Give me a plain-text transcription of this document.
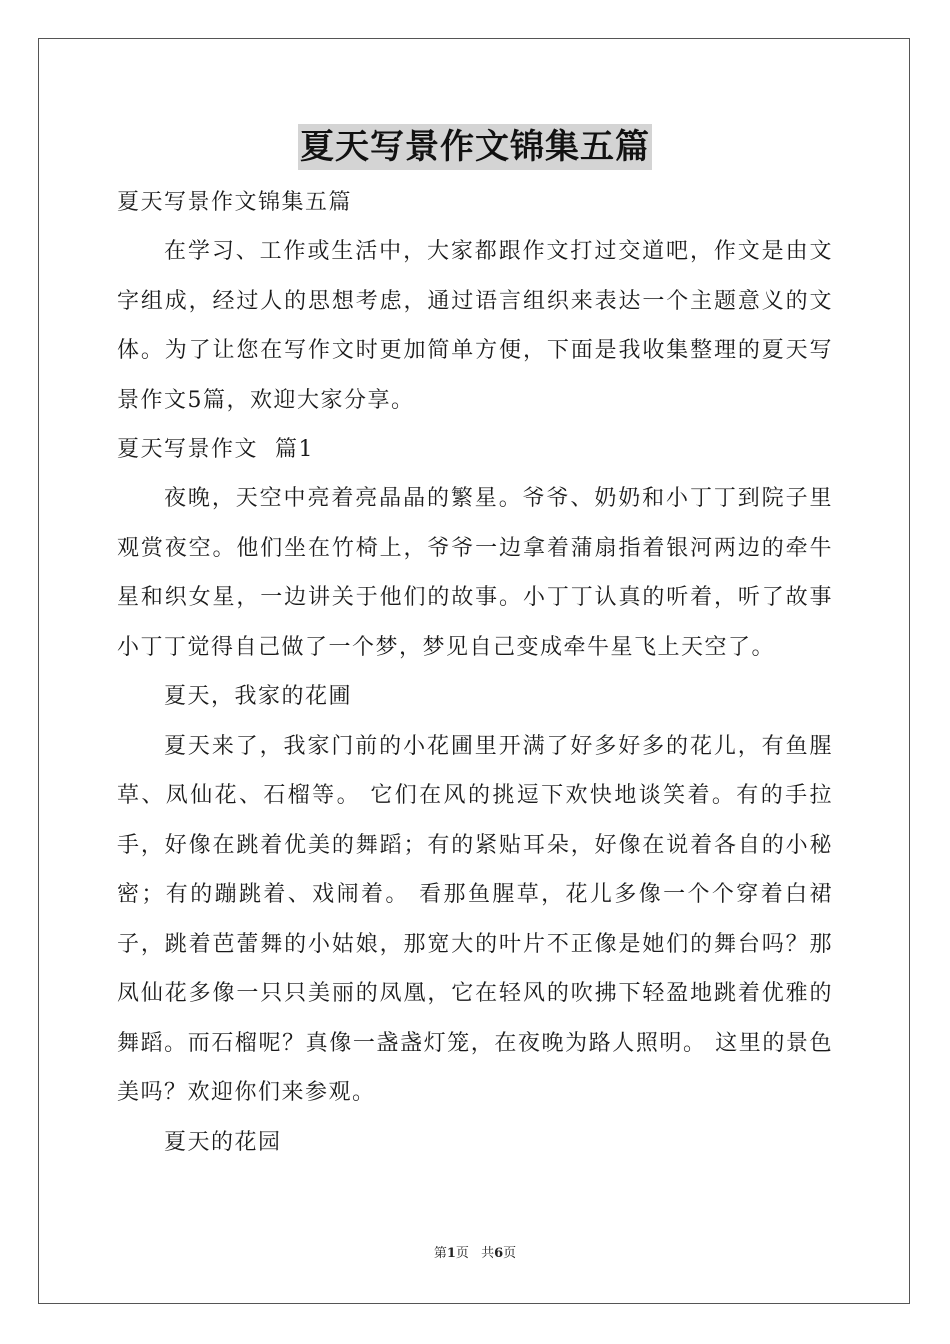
夏天写景作文锦集五篇

夏天写景作文锦集五篇

在学习、工作或生活中，大家都跟作文打过交道吧，作文是由文字组成，经过人的思想考虑，通过语言组织来表达一个主题意义的文体。为了让您在写作文时更加简单方便，下面是我收集整理的夏天写景作文5篇，欢迎大家分享。

夏天写景作文  篇1

夜晚，天空中亮着亮晶晶的繁星。爷爷、奶奶和小丁丁到院子里观赏夜空。他们坐在竹椅上，爷爷一边拿着蒲扇指着银河两边的牵牛星和织女星，一边讲关于他们的故事。小丁丁认真的听着，听了故事小丁丁觉得自己做了一个梦，梦见自己变成牵牛星飞上天空了。

夏天，我家的花圃

夏天来了，我家门前的小花圃里开满了好多好多的花儿，有鱼腥草、凤仙花、石榴等。 它们在风的挑逗下欢快地谈笑着。有的手拉手，好像在跳着优美的舞蹈；有的紧贴耳朵，好像在说着各自的小秘密；有的蹦跳着、戏闹着。 看那鱼腥草，花儿多像一个个穿着白裙子，跳着芭蕾舞的小姑娘，那宽大的叶片不正像是她们的舞台吗？那凤仙花多像一只只美丽的凤凰，它在轻风的吹拂下轻盈地跳着优雅的舞蹈。而石榴呢？真像一盏盏灯笼，在夜晚为路人照明。 这里的景色美吗？欢迎你们来参观。

夏天的花园

第1页 共6页
